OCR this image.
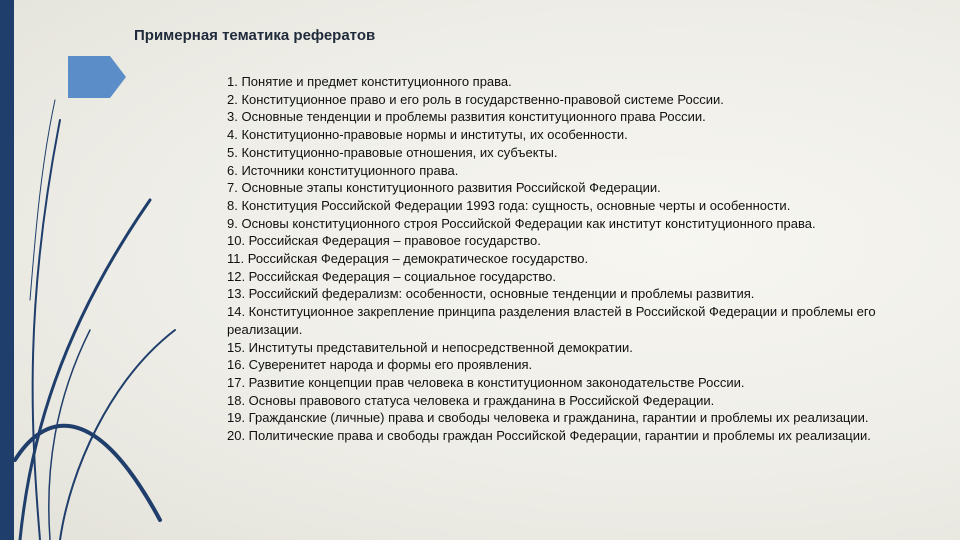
Примерная тематика рефератов
1. Понятие и предмет конституционного права.
2. Конституционное право и его роль в государственно-правовой системе России.
3. Основные тенденции и проблемы развития конституционного права России.
4. Конституционно-правовые нормы и институты, их особенности.
5. Конституционно-правовые отношения, их субъекты.
6. Источники конституционного права.
7. Основные этапы конституционного развития Российской Федерации.
8. Конституция Российской Федерации 1993 года: сущность, основные черты и особенности.
9. Основы конституционного строя Российской Федерации как институт конституционного права.
10. Российская Федерация – правовое государство.
11. Российская Федерация – демократическое государство.
12. Российская Федерация – социальное государство.
13. Российский федерализм: особенности, основные тенденции и проблемы развития.
14. Конституционное закрепление принципа разделения властей в Российской Федерации и проблемы его реализации.
15. Институты представительной и непосредственной демократии.
16. Суверенитет народа и формы его проявления.
17. Развитие концепции прав человека в конституционном законодательстве России.
18. Основы правового статуса человека и гражданина в Российской Федерации.
19. Гражданские (личные) права и свободы человека и гражданина, гарантии и проблемы их реализации.
20. Политические права и свободы граждан Российской Федерации, гарантии и проблемы их реализации.
